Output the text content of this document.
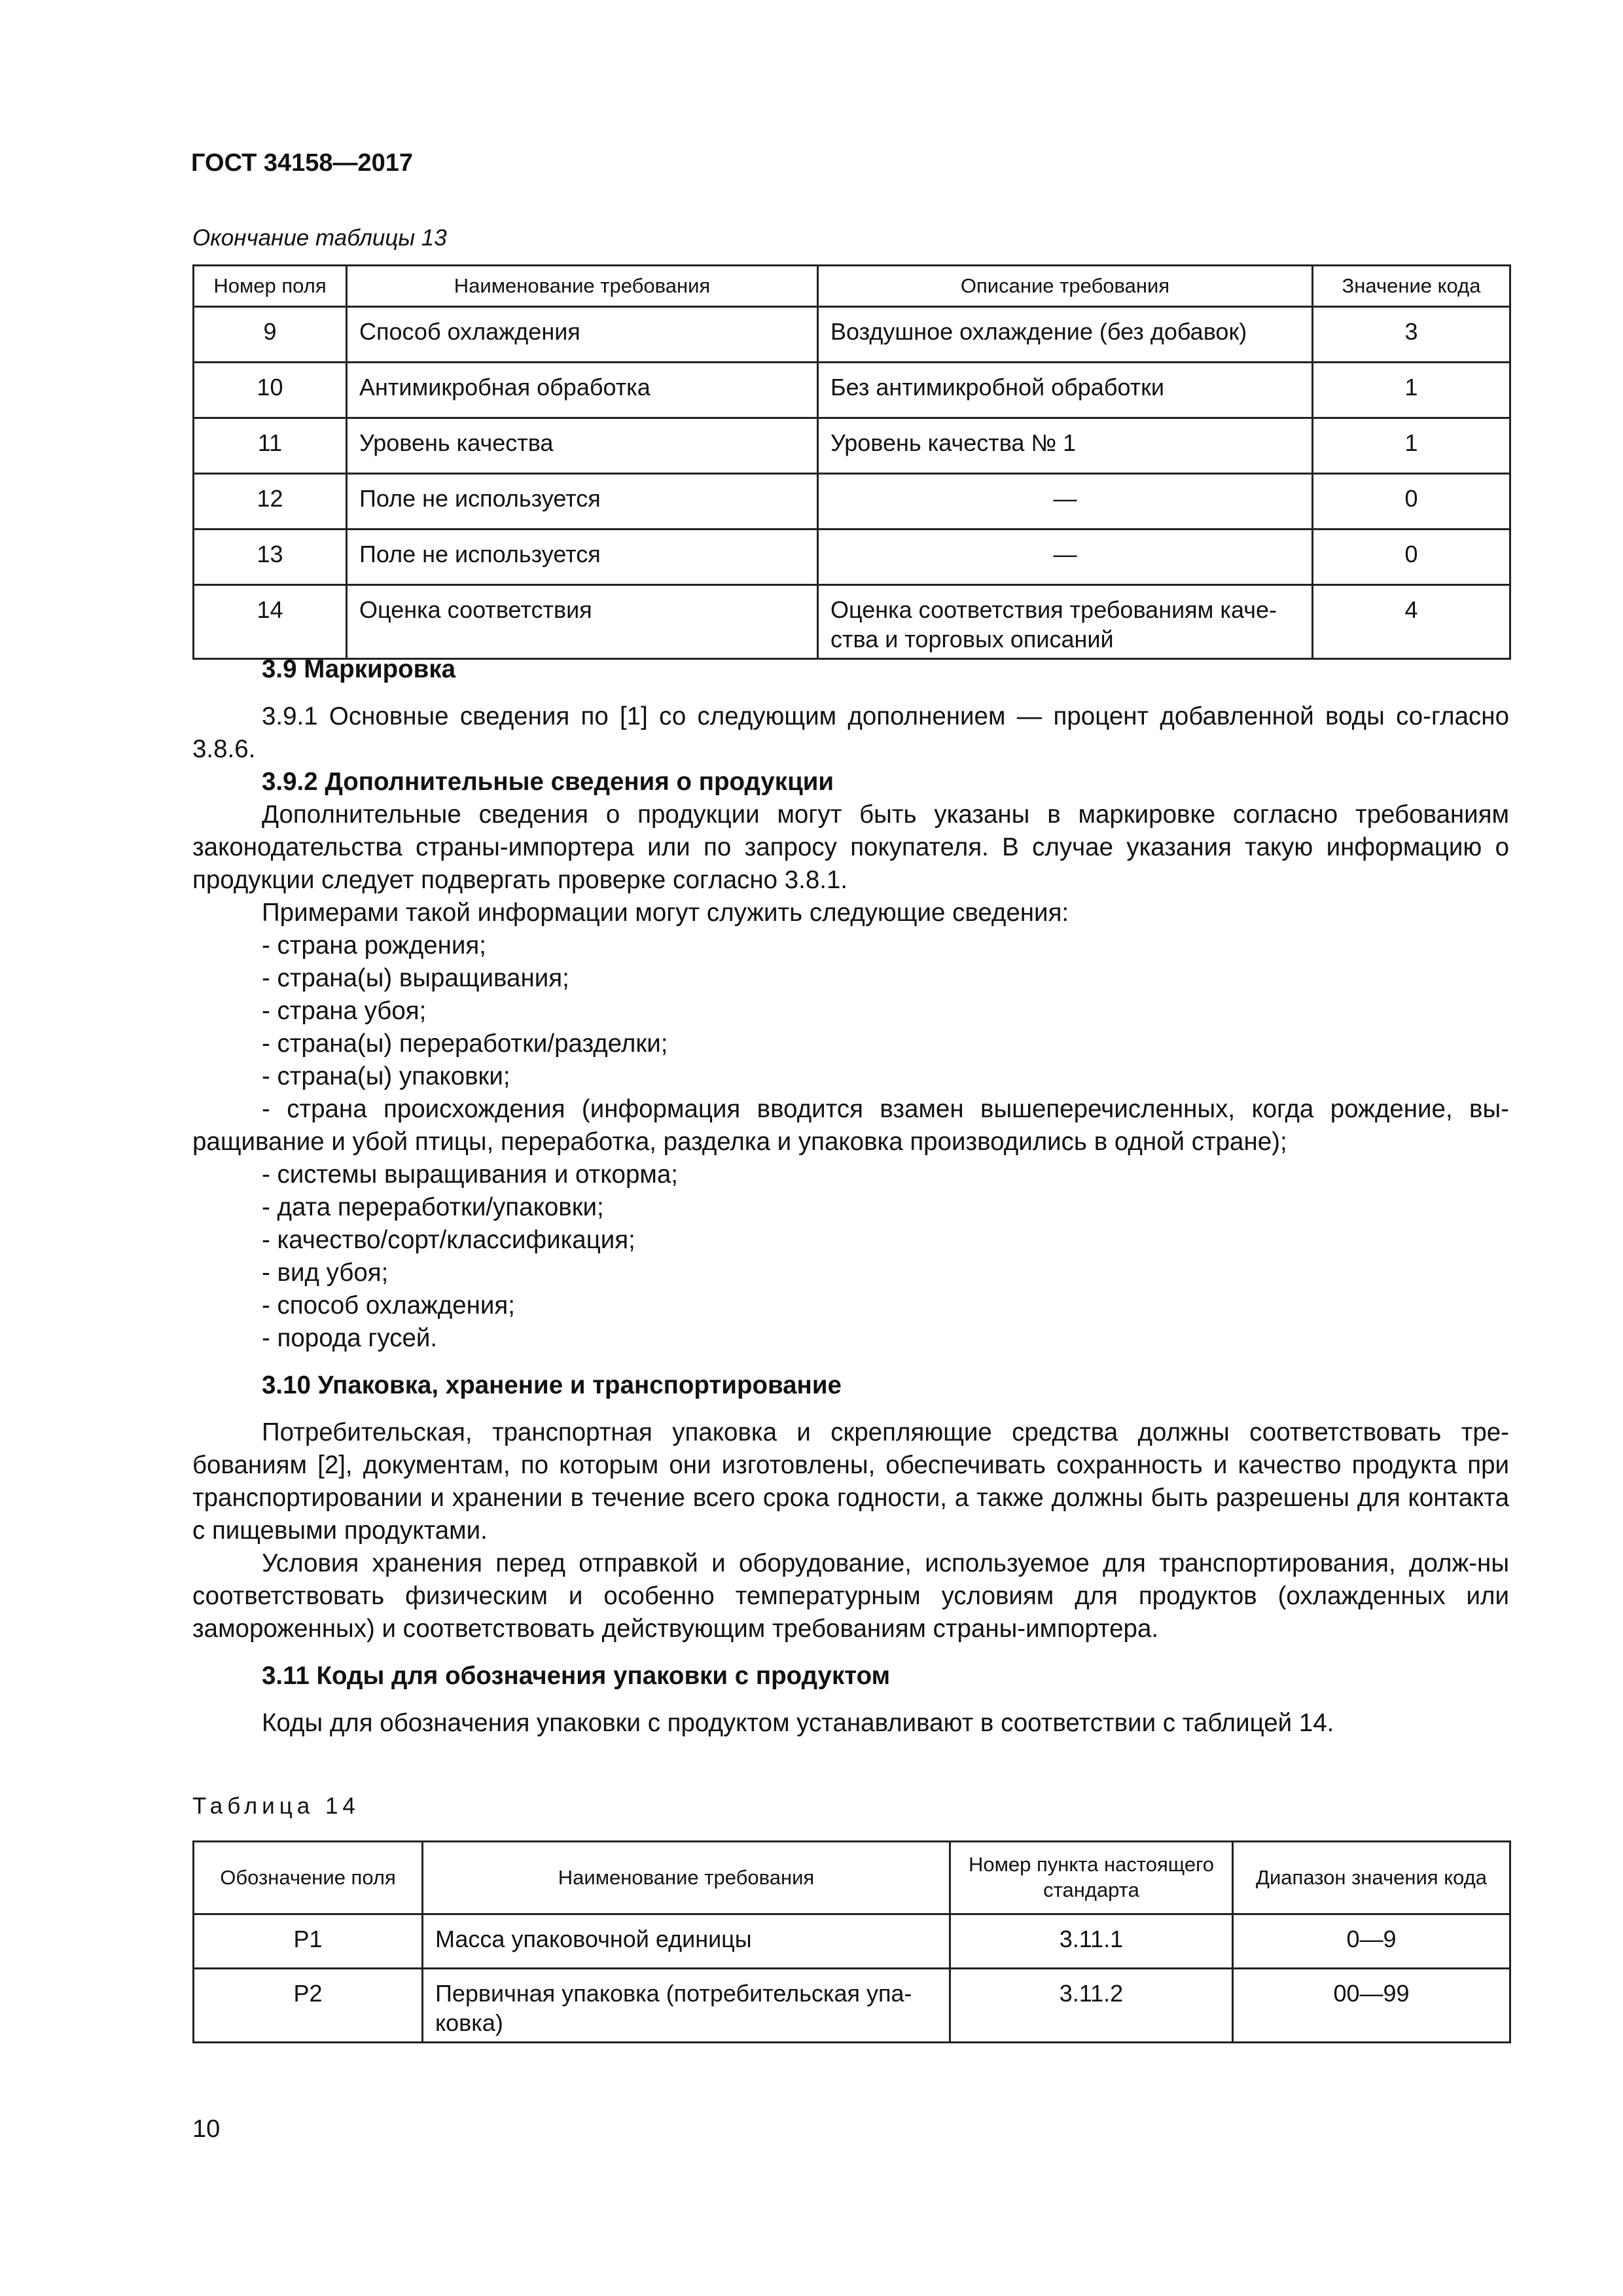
ГОСТ 34158—2017
Окончание таблицы 13
Номер поля	Наименование требования	Описание требования	Значение кода
9	Способ охлаждения	Воздушное охлаждение (без добавок)	3
10	Антимикробная обработка	Без антимикробной обработки	1
11	Уровень качества	Уровень качества № 1	1
12	Поле не используется	—	0
13	Поле не используется	—	0
14	Оценка соответствия	Оценка соответствия требованиям каче-ства и торговых описаний	4

3.9 Маркировка

3.9.1 Основные сведения по [1] со следующим дополнением — процент добавленной воды со-гласно 3.8.6.

3.9.2 Дополнительные сведения о продукции

Дополнительные сведения о продукции могут быть указаны в маркировке согласно требованиям законодательства страны-импортера или по запросу покупателя. В случае указания такую информацию о продукции следует подвергать проверке согласно 3.8.1.

Примерами такой информации могут служить следующие сведения:

- страна рождения;

- страна(ы) выращивания;

- страна убоя;

- страна(ы) переработки/разделки;

- страна(ы) упаковки;

- страна происхождения (информация вводится взамен вышеперечисленных, когда рождение, вы-ращивание и убой птицы, переработка, разделка и упаковка производились в одной стране);

- системы выращивания и откорма;

- дата переработки/упаковки;

- качество/сорт/классификация;

- вид убоя;

- способ охлаждения;

- порода гусей.

3.10 Упаковка, хранение и транспортирование

Потребительская, транспортная упаковка и скрепляющие средства должны соответствовать тре-бованиям [2], документам, по которым они изготовлены, обеспечивать сохранность и качество продукта при транспортировании и хранении в течение всего срока годности, а также должны быть разрешены для контакта с пищевыми продуктами.

Условия хранения перед отправкой и оборудование, используемое для транспортирования, долж-ны соответствовать физическим и особенно температурным условиям для продуктов (охлажденных или замороженных) и соответствовать действующим требованиям страны-импортера.

3.11 Коды для обозначения упаковки с продуктом

Коды для обозначения упаковки с продуктом устанавливают в соответствии с таблицей 14.

Таблица 14
Обозначение поля	Наименование требования	Номер пункта настоящего стандарта	Диапазон значения кода
P1	Масса упаковочной единицы	3.11.1	0—9
P2	Первичная упаковка (потребительская упа-ковка)	3.11.2	00—99
10
